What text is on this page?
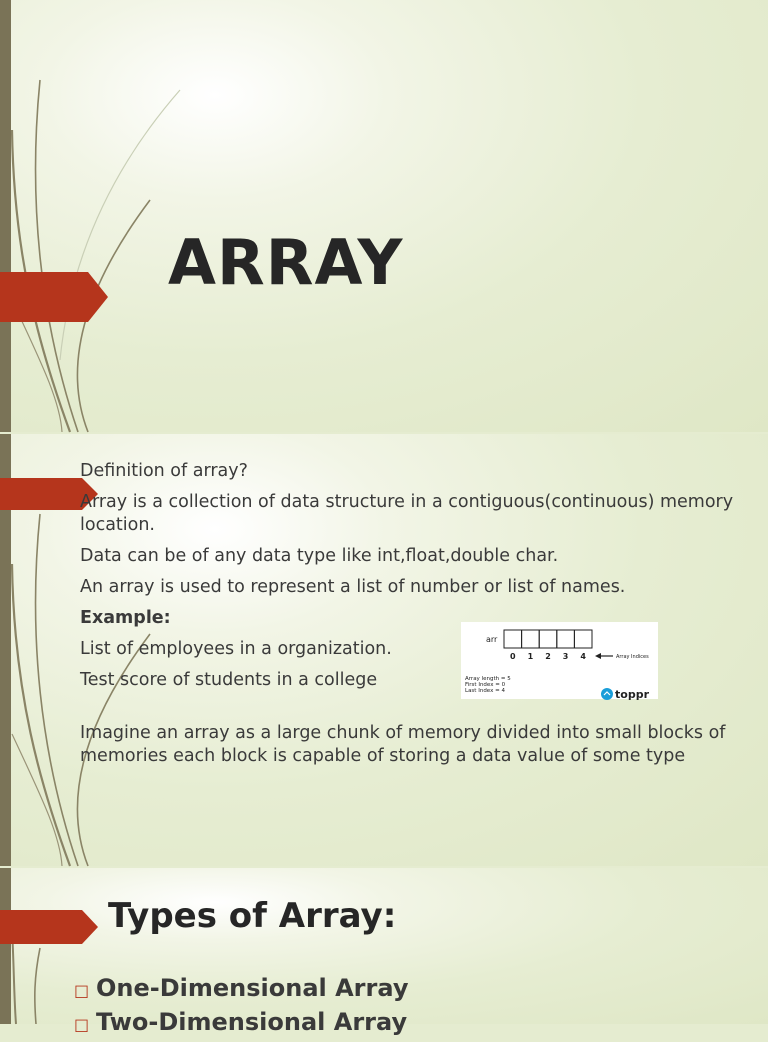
ARRAY

Definition of array?

Array is a collection of data structure in a contiguous(continuous) memory location.

Data can be of any data type like int,float,double char.

An array is used to represent a list of number or list of names.

Example:

List of employees in a organization.

Test score of students in a college

Imagine an array as a large chunk of memory divided into small blocks of memories each block is capable of storing a data value of some type

arr
0 1 2 3 4	Array Indices
Array length = 5
First Index = 0
Last Index = 4	toppr
Types of Array:
□ One-Dimensional Array
□ Two-Dimensional Array
